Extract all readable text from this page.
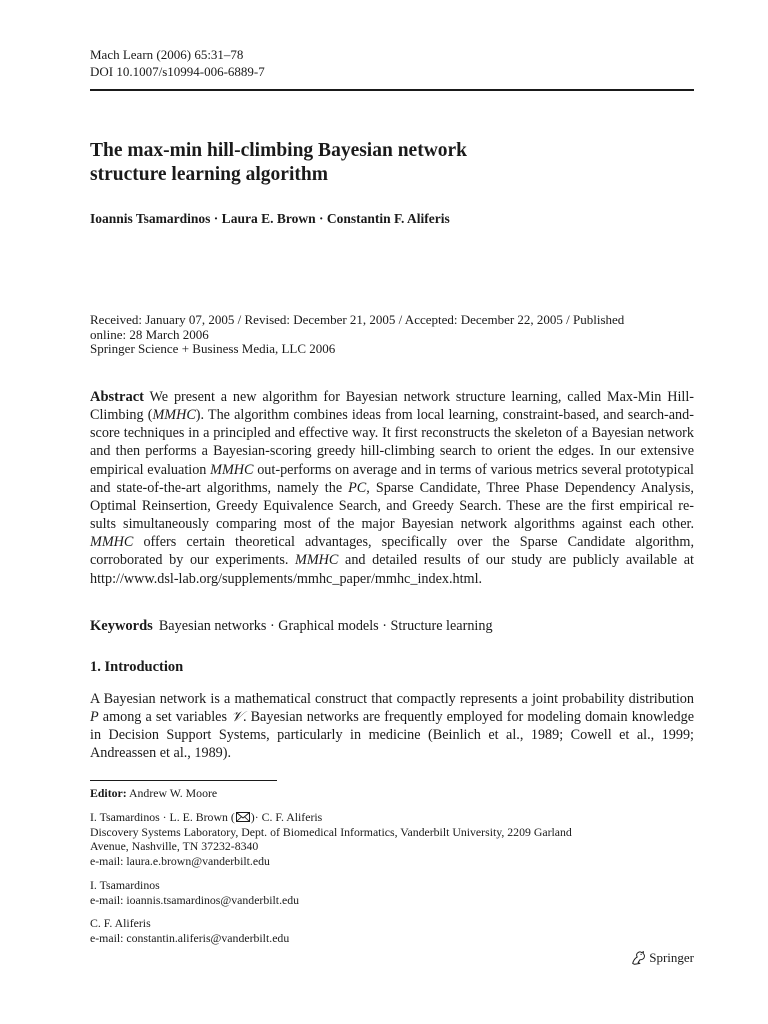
Mach Learn (2006) 65:31–78
DOI 10.1007/s10994-006-6889-7
The max-min hill-climbing Bayesian network
structure learning algorithm

Ioannis Tsamardinos · Laura E. Brown · Constantin F. Aliferis

Received: January 07, 2005 / Revised: December 21, 2005 / Accepted: December 22, 2005 / Published
online: 28 March 2006
Springer Science + Business Media, LLC 2006

Abstract We present a new algorithm for Bayesian network structure learning, called Max-Min Hill-Climbing (MMHC). The algorithm combines ideas from local learning, constraint-based, and search-and-score techniques in a principled and effective way. It first reconstructs the skeleton of a Bayesian network and then performs a Bayesian-scoring greedy hill-climbing search to orient the edges. In our extensive empirical evaluation MMHC out-performs on average and in terms of various metrics several prototypical and state-of-the-art algorithms, namely the PC, Sparse Candidate, Three Phase Dependency Analysis, Optimal Reinsertion, Greedy Equivalence Search, and Greedy Search. These are the first empirical re-sults simultaneously comparing most of the major Bayesian network algorithms against each other. MMHC offers certain theoretical advantages, specifically over the Sparse Candidate algorithm, corroborated by our experiments. MMHC and detailed results of our study are publicly available at http://www.dsl-lab.org/supplements/mmhc_paper/mmhc_index.html.

Keywords Bayesian networks · Graphical models · Structure learning

1. Introduction

A Bayesian network is a mathematical construct that compactly represents a joint probability distribution P among a set variables 𝒱. Bayesian networks are frequently employed for modeling domain knowledge in Decision Support Systems, particularly in medicine (Beinlich et al., 1989; Cowell et al., 1999; Andreassen et al., 1989).

Editor: Andrew W. Moore

I. Tsamardinos · L. E. Brown ( )· C. F. Aliferis
Discovery Systems Laboratory, Dept. of Biomedical Informatics, Vanderbilt University, 2209 Garland
Avenue, Nashville, TN 37232-8340
e-mail: laura.e.brown@vanderbilt.edu
I. Tsamardinos
e-mail: ioannis.tsamardinos@vanderbilt.edu
C. F. Aliferis
e-mail: constantin.aliferis@vanderbilt.edu
Springer
